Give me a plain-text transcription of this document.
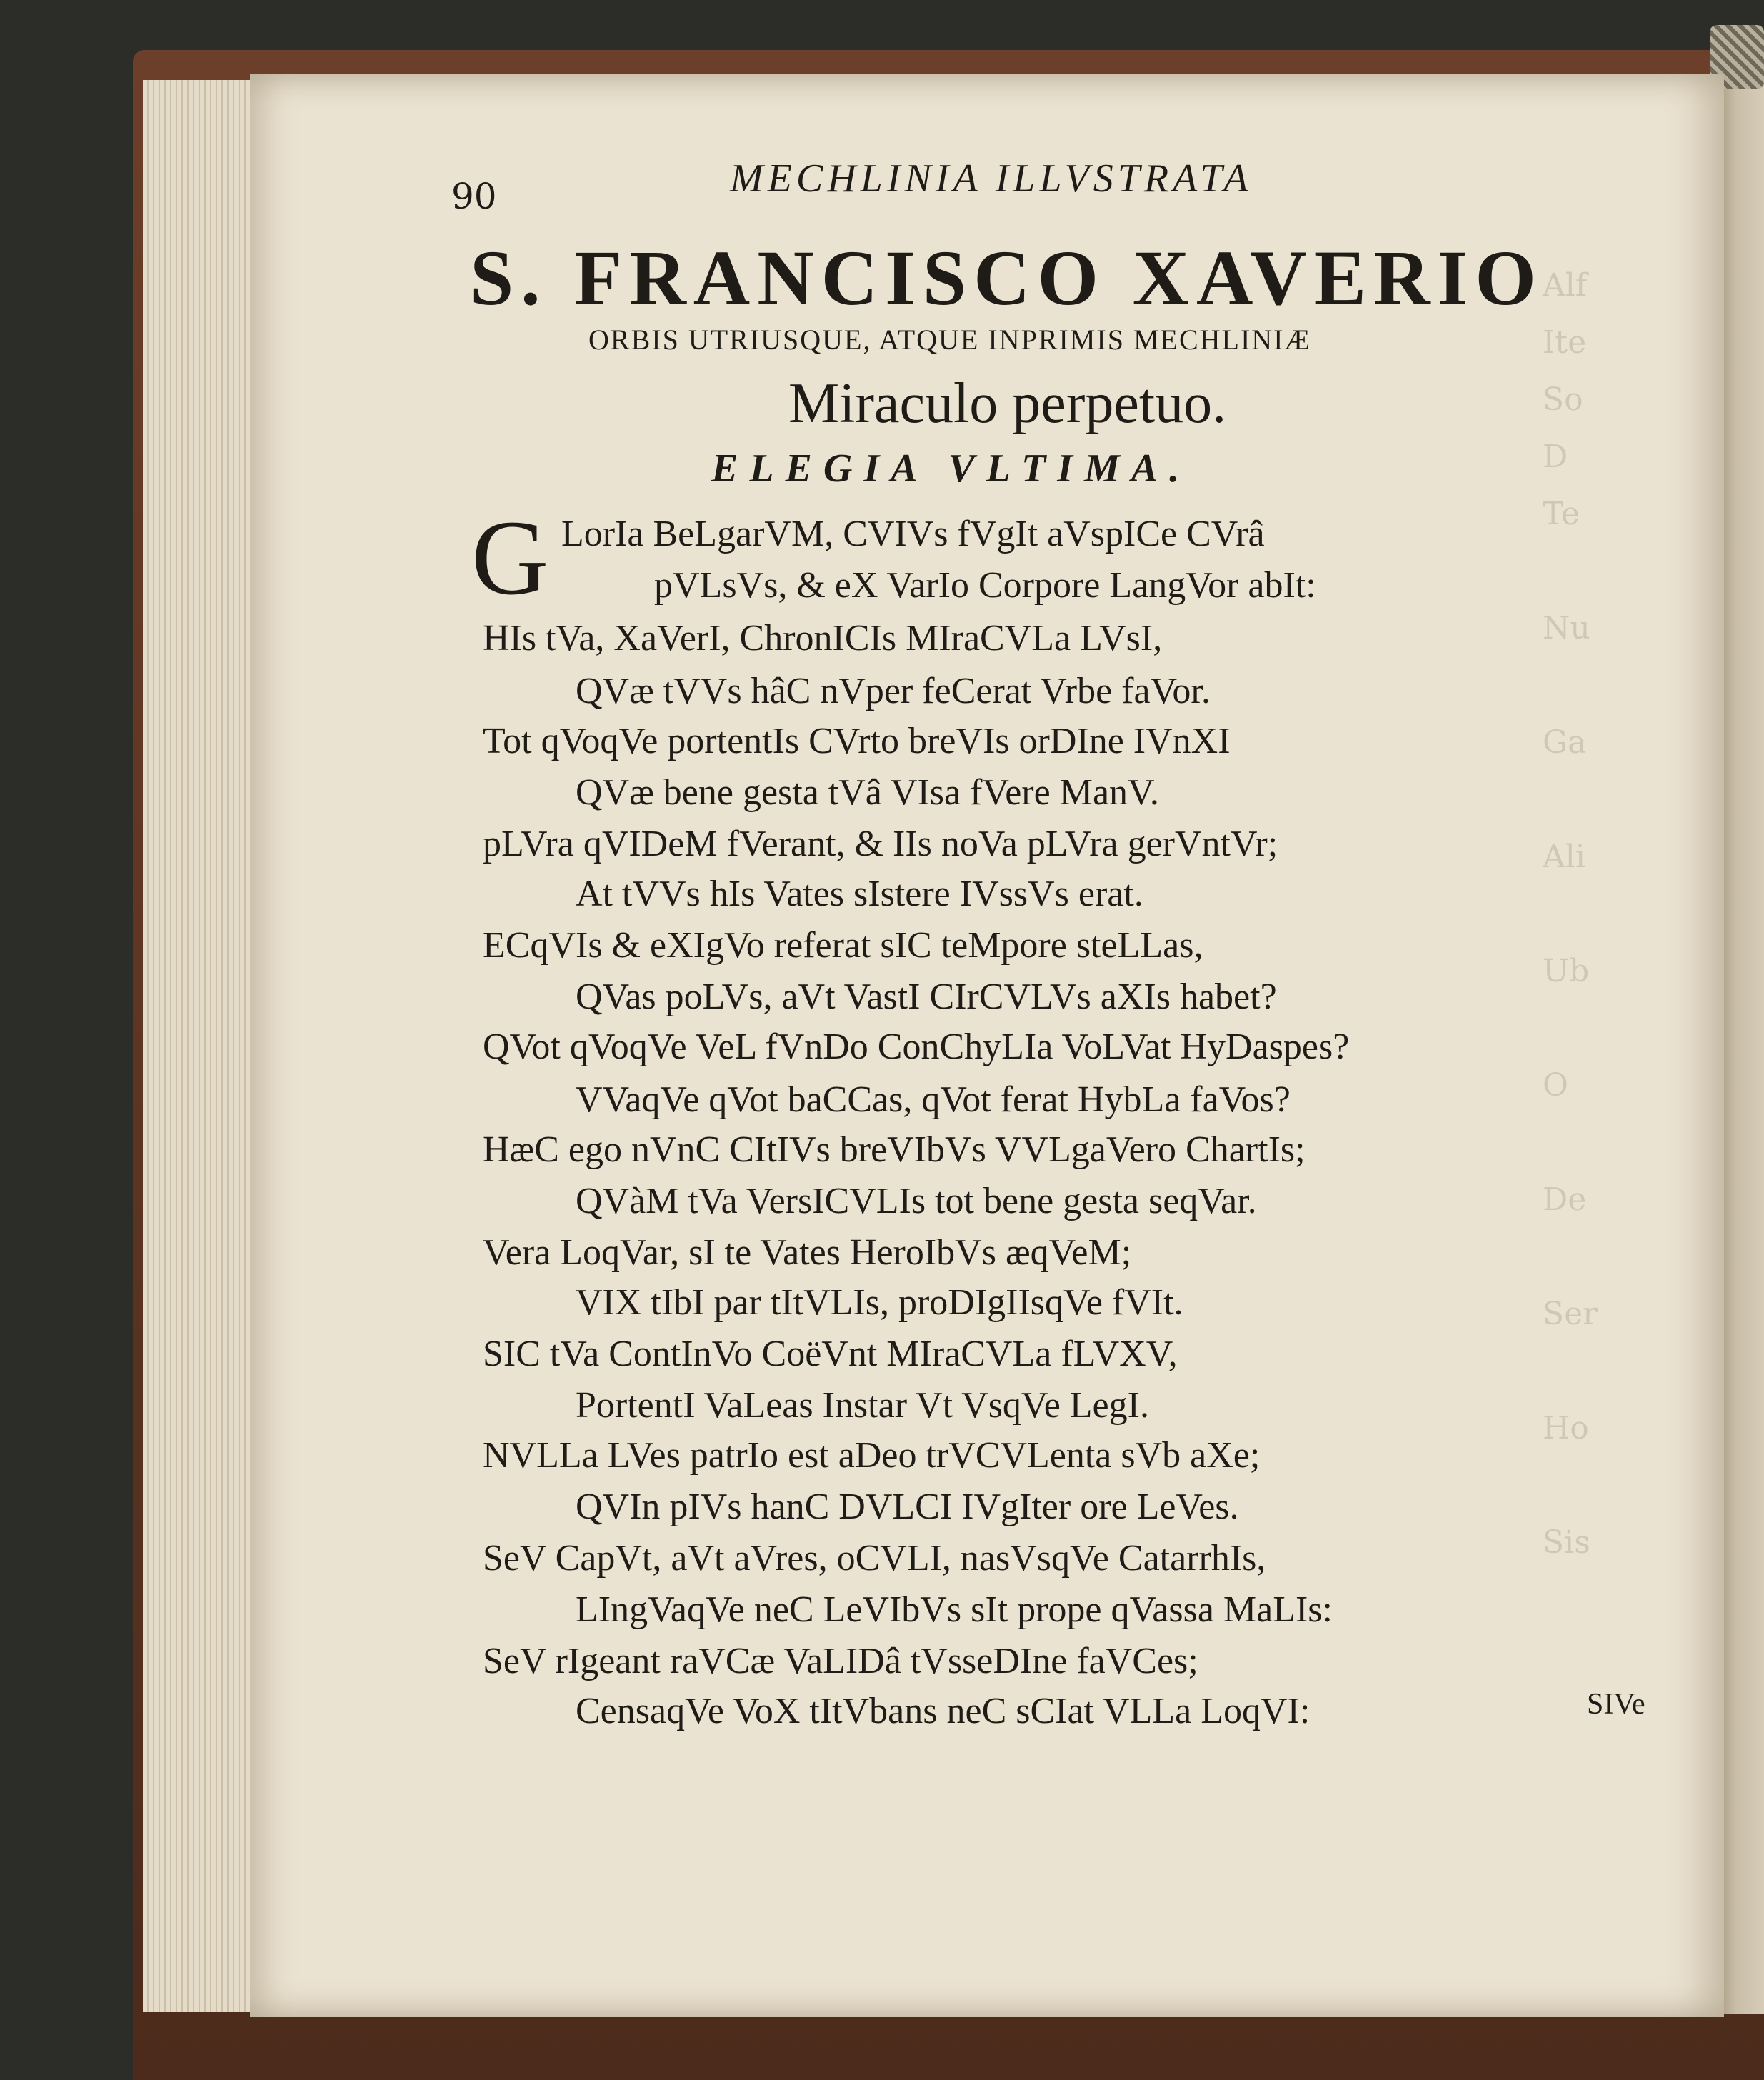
Alf
Ite
So
D
Te

Nu

Ga

Ali

Ub

O

De

Ser

Ho

Sis

90	MECHLINIA ILLVSTRATA

S. FRANCISCO XAVERIO

ORBIS UTRIUSQUE, ATQUE INPRIMIS MECHLINIÆ

Miraculo perpetuo.

ELEGIA VLTIMA.
G LorIa BeLgarVM, CVIVs fVgIt aVspICe CVrâ
pVLsVs, & eX VarIo Corpore LangVor abIt:
HIs tVa, XaVerI, ChronICIs MIraCVLa LVsI,
QVæ tVVs hâC nVper feCerat Vrbe faVor.
Tot qVoqVe portentIs CVrto breVIs orDIne IVnXI
QVæ bene gesta tVâ VIsa fVere ManV.
pLVra qVIDeM fVerant, & IIs noVa pLVra gerVntVr;
At tVVs hIs Vates sIstere IVssVs erat.
ECqVIs & eXIgVo referat sIC teMpore steLLas,
QVas poLVs, aVt VastI CIrCVLVs aXIs habet?
QVot qVoqVe VeL fVnDo ConChyLIa VoLVat HyDaspes?
VVaqVe qVot baCCas, qVot ferat HybLa faVos?
HæC ego nVnC CItIVs breVIbVs VVLgaVero ChartIs;
QVàM tVa VersICVLIs tot bene gesta seqVar.
Vera LoqVar, sI te Vates HeroIbVs æqVeM;
VIX tIbI par tItVLIs, proDIgIIsqVe fVIt.
SIC tVa ContInVo CoëVnt MIraCVLa fLVXV,
PortentI VaLeas Instar Vt VsqVe LegI.
NVLLa LVes patrIo est aDeo trVCVLenta sVb aXe;
QVIn pIVs hanC DVLCI IVgIter ore LeVes.
SeV CapVt, aVt aVres, oCVLI, nasVsqVe CatarrhIs,
LIngVaqVe neC LeVIbVs sIt prope qVassa MaLIs:
SeV rIgeant raVCæ VaLIDâ tVsseDIne faVCes;
CensaqVe VoX tItVbans neC sCIat VLLa LoqVI:	SIVe
